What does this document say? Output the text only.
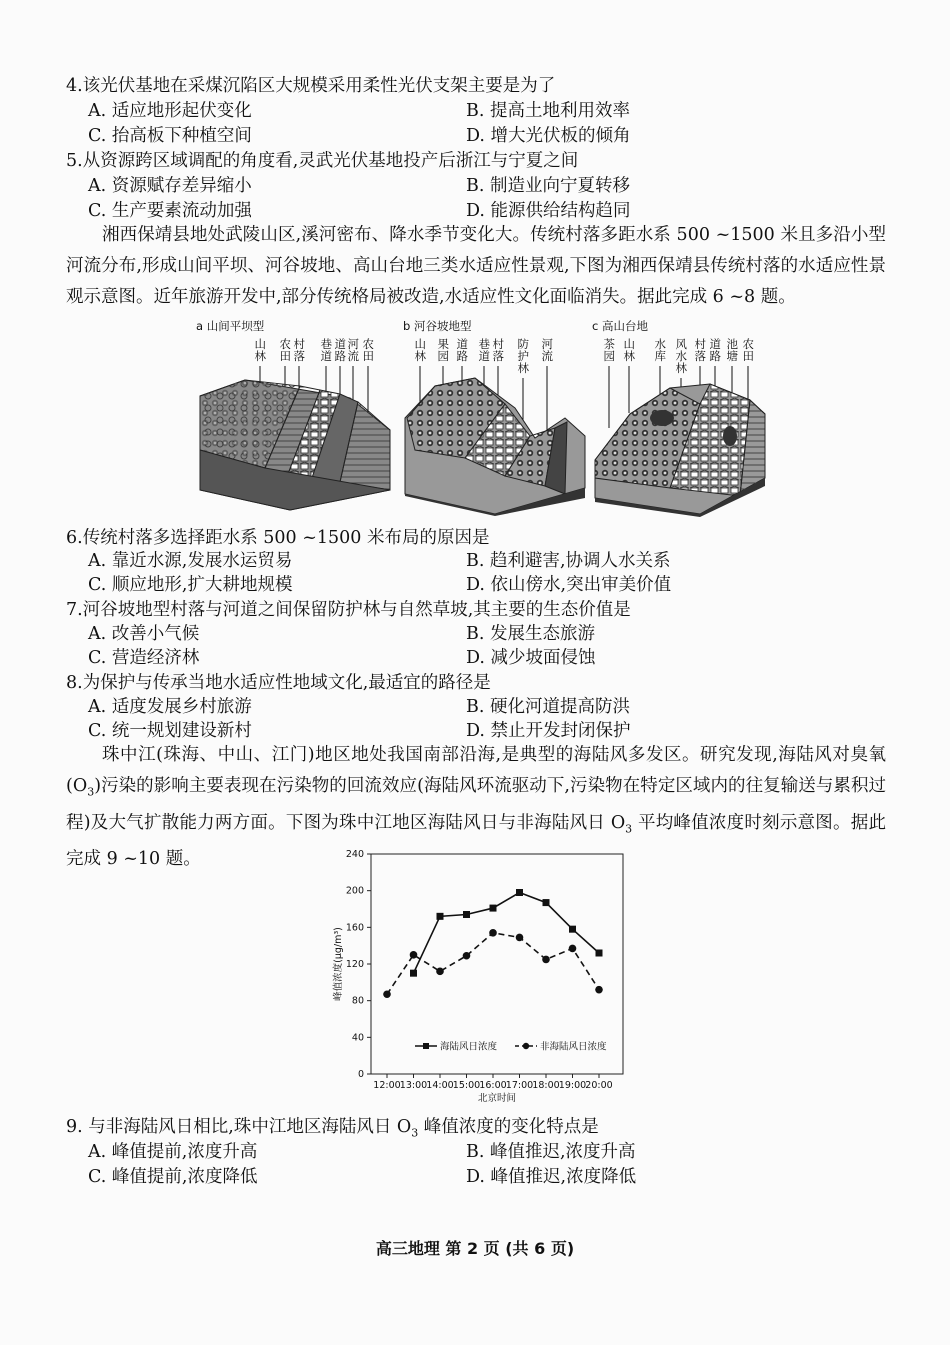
4.该光伏基地在采煤沉陷区大规模采用柔性光伏支架主要是为了
A. 适应地形起伏变化	B. 提高土地利用效率
C. 抬高板下种植空间	D. 增大光伏板的倾角
5.从资源跨区域调配的角度看,灵武光伏基地投产后浙江与宁夏之间
A. 资源赋存差异缩小	B. 制造业向宁夏转移
C. 生产要素流动加强	D. 能源供给结构趋同
湘西保靖县地处武陵山区,溪河密布、降水季节变化大。传统村落多距水系 500 ~1500 米且多沿小型河流分布,形成山间平坝、河谷坡地、高山台地三类水适应性景观,下图为湘西保靖县传统村落的水适应性景观示意图。近年旅游开发中,部分传统格局被改造,水适应性文化面临消失。据此完成 6 ~8 题。
a 山间平坝型
山
林
农
田
村
落
巷
道
道
路
河
流
农
田
b 河谷坡地型
山
林
果
园
道
路
巷
道
村
落
防
护
林
河
流
c 高山台地
茶
园
山
林
水
库
风
水
林
村
落
道
路
池
塘
农
田
6.传统村落多选择距水系 500 ~1500 米布局的原因是
A. 靠近水源,发展水运贸易	B. 趋利避害,协调人水关系
C. 顺应地形,扩大耕地规模	D. 依山傍水,突出审美价值
7.河谷坡地型村落与河道之间保留防护林与自然草坡,其主要的生态价值是
A. 改善小气候	B. 发展生态旅游
C. 营造经济林	D. 减少坡面侵蚀
8.为保护与传承当地水适应性地域文化,最适宜的路径是
A. 适度发展乡村旅游	B. 硬化河道提高防洪
C. 统一规划建设新村	D. 禁止开发封闭保护
珠中江(珠海、中山、江门)地区地处我国南部沿海,是典型的海陆风多发区。研究发现,海陆风对臭氧$(O_3)$污染的影响主要表现在污染物的回流效应(海陆风环流驱动下,污染物在特定区域内的往复输送与累积过程)及大气扩散能力两方面。下图为珠中江地区海陆风日与非海陆风日 $O_3$ 平均峰值浓度时刻示意图。据此完成 9 ~10 题。
0
40
80
120
160
200
240
12:00 13:00 14:00 15:00 16:00 17:00 18:00 19:00 20:00
北京时间
峰值浓度(μg/m³)
海陆风日浓度	非海陆风日浓度
9. 与非海陆风日相比,珠中江地区海陆风日 $O_3$ 峰值浓度的变化特点是
A. 峰值提前,浓度升高	B. 峰值推迟,浓度升高
C. 峰值提前,浓度降低	D. 峰值推迟,浓度降低
高三地理 第 2 页 (共 6 页)
